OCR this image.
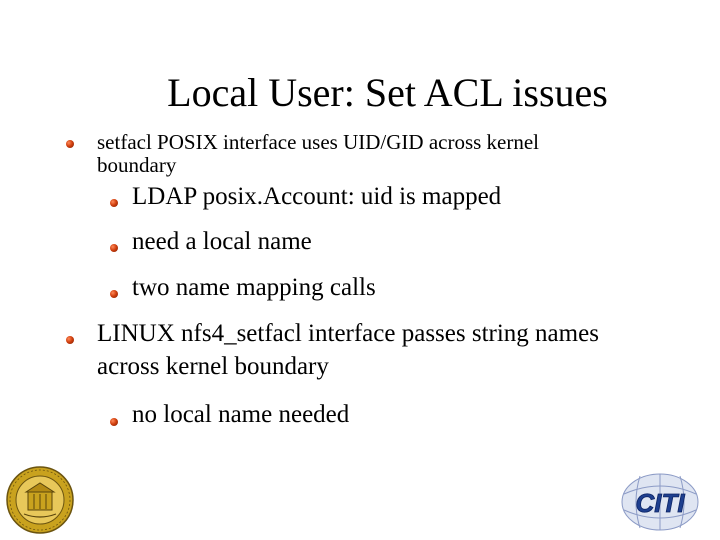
Local User: Set ACL issues
setfacl POSIX interface uses UID/GID across kernel
boundary
LDAP posix.Account: uid is mapped
need a local name
two name mapping calls
LINUX nfs4_setfacl interface passes string names
across kernel boundary
no local name needed
CITI
